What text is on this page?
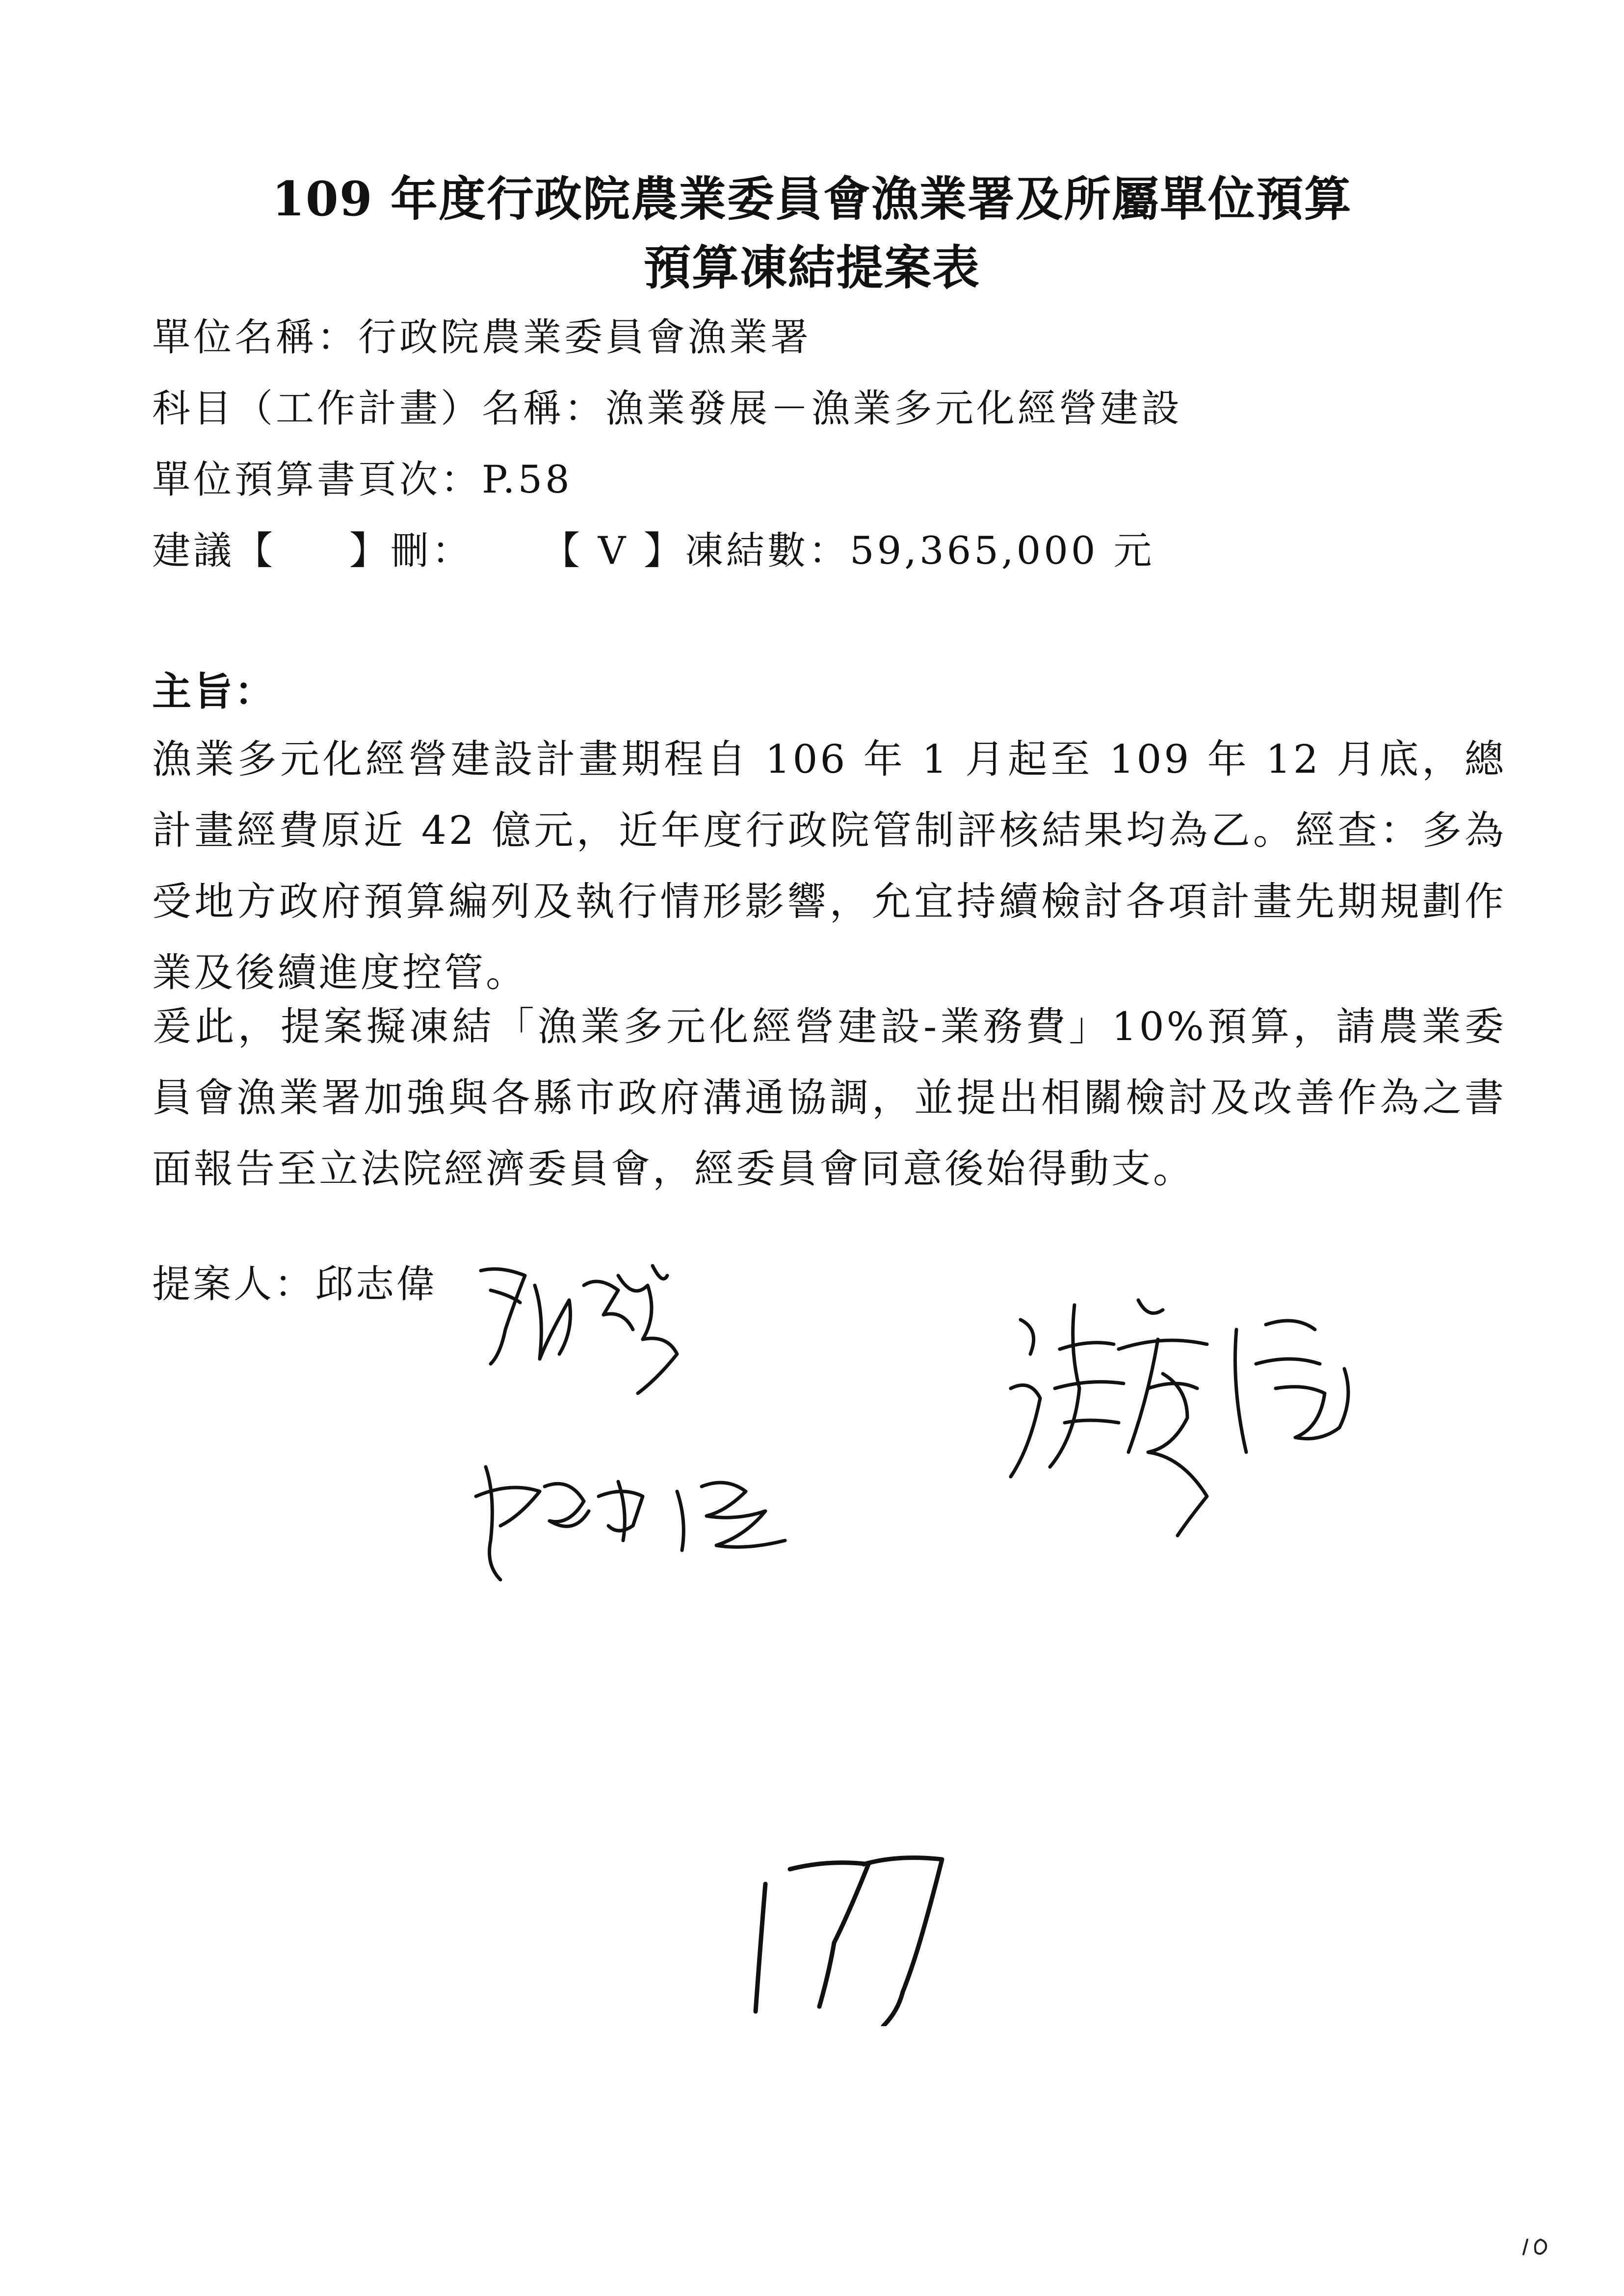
109 年度行政院農業委員會漁業署及所屬單位預算
預算凍結提案表
單位名稱：行政院農業委員會漁業署
科目（工作計畫）名稱：漁業發展－漁業多元化經營建設
單位預算書頁次：P.58
建議【 】刪： 【 V 】凍結數：59,365,000 元
主旨：
漁業多元化經營建設計畫期程自 106 年 1 月起至 109 年 12 月底，總計畫經費原近 42 億元，近年度行政院管制評核結果均為乙。經查：多為受地方政府預算編列及執行情形影響，允宜持續檢討各項計畫先期規劃作業及後續進度控管。
爰此，提案擬凍結「漁業多元化經營建設-業務費」10%預算，請農業委員會漁業署加強與各縣市政府溝通協調，並提出相關檢討及改善作為之書面報告至立法院經濟委員會，經委員會同意後始得動支。
提案人：邱志偉
